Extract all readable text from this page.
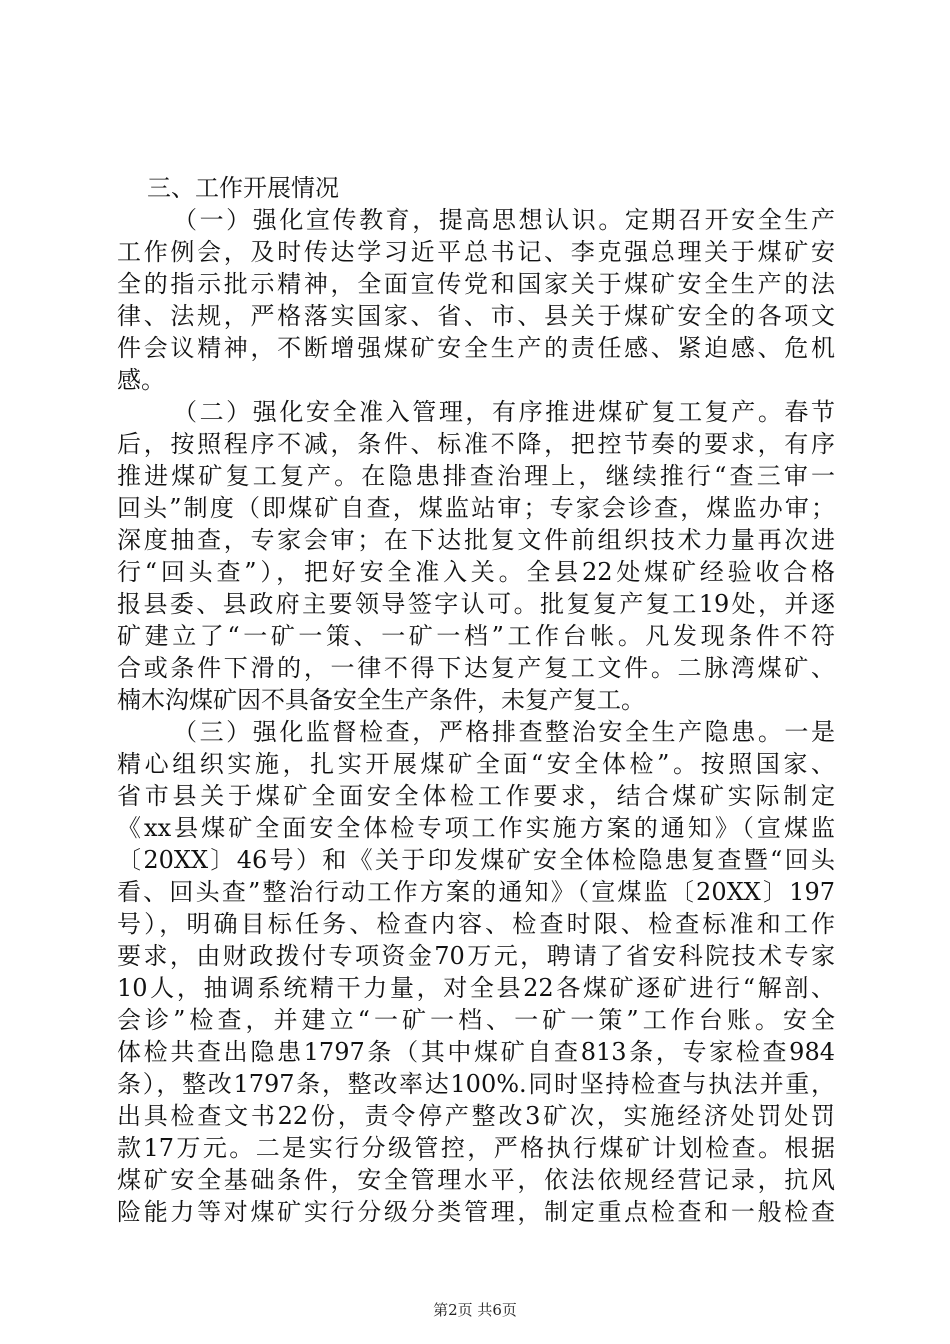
三、工作开展情况
（一）强化宣传教育，提高思想认识。定期召开安全生产
工作例会，及时传达学习近平总书记、李克强总理关于煤矿安
全的指示批示精神，全面宣传党和国家关于煤矿安全生产的法
律、法规，严格落实国家、省、市、县关于煤矿安全的各项文
件会议精神，不断增强煤矿安全生产的责任感、紧迫感、危机
感。
（二）强化安全准入管理，有序推进煤矿复工复产。春节
后，按照程序不减，条件、标准不降，把控节奏的要求，有序
推进煤矿复工复产。在隐患排查治理上，继续推行“查三审一
回头”制度（即煤矿自查，煤监站审；专家会诊查，煤监办审；
深度抽查，专家会审；在下达批复文件前组织技术力量再次进
行“回头查”），把好安全准入关。全县22处煤矿经验收合格
报县委、县政府主要领导签字认可。批复复产复工19处，并逐
矿建立了“一矿一策、一矿一档”工作台帐。凡发现条件不符
合或条件下滑的，一律不得下达复产复工文件。二脉湾煤矿、
楠木沟煤矿因不具备安全生产条件，未复产复工。
（三）强化监督检查，严格排查整治安全生产隐患。一是
精心组织实施，扎实开展煤矿全面“安全体检”。按照国家、
省市县关于煤矿全面安全体检工作要求，结合煤矿实际制定
《xx县煤矿全面安全体检专项工作实施方案的通知》（宣煤监
〔20XX〕46号）和《关于印发煤矿安全体检隐患复查暨“回头
看、回头查”整治行动工作方案的通知》（宣煤监〔20XX〕197
号），明确目标任务、检查内容、检查时限、检查标准和工作
要求，由财政拨付专项资金70万元，聘请了省安科院技术专家
10人，抽调系统精干力量，对全县22各煤矿逐矿进行“解剖、
会诊”检查，并建立“一矿一档、一矿一策”工作台账。安全
体检共查出隐患1797条（其中煤矿自查813条，专家检查984
条），整改1797条，整改率达100%.同时坚持检查与执法并重，
出具检查文书22份，责令停产整改3矿次，实施经济处罚处罚
款17万元。二是实行分级管控，严格执行煤矿计划检查。根据
煤矿安全基础条件，安全管理水平，依法依规经营记录，抗风
险能力等对煤矿实行分级分类管理，制定重点检查和一般检查
第2页 共6页
